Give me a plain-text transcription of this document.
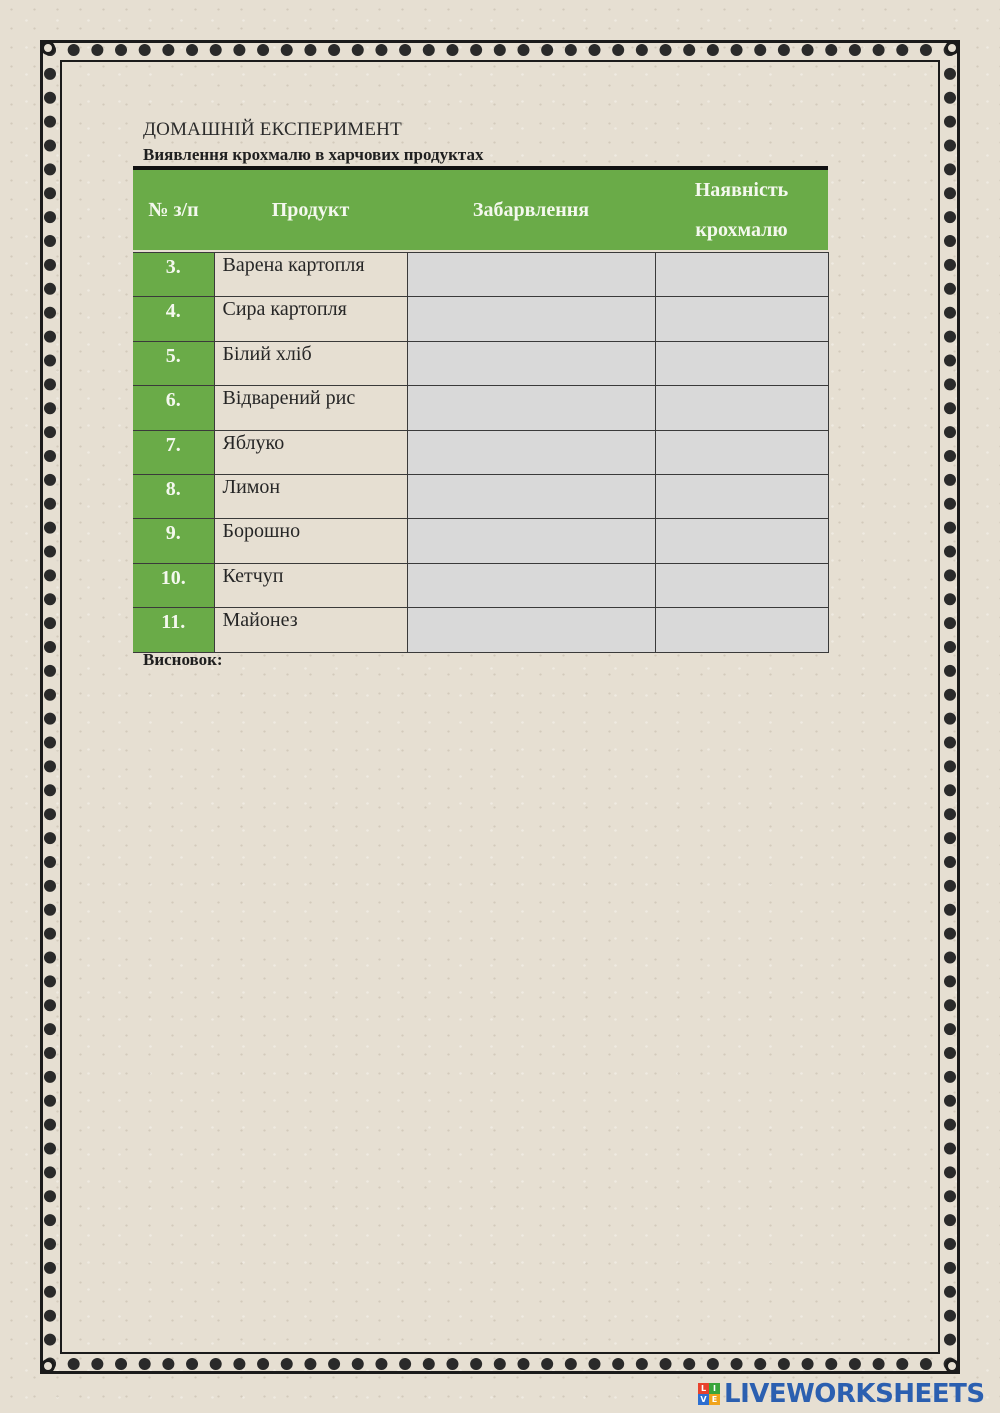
ДОМАШНІЙ ЕКСПЕРИМЕНТ
Виявлення крохмалю в харчових продуктах
№ з/п	Продукт	Забарвлення	Наявність
крохмалю

3.	Варена картопля		
4.	Сира картопля		
5.	Білий хліб		
6.	Відварений рис		
7.	Яблуко		
8.	Лимон		
9.	Борошно		
10.	Кетчуп		
11.	Майонез		
Висновок:
L I
V E LIVEWORKSHEETS
